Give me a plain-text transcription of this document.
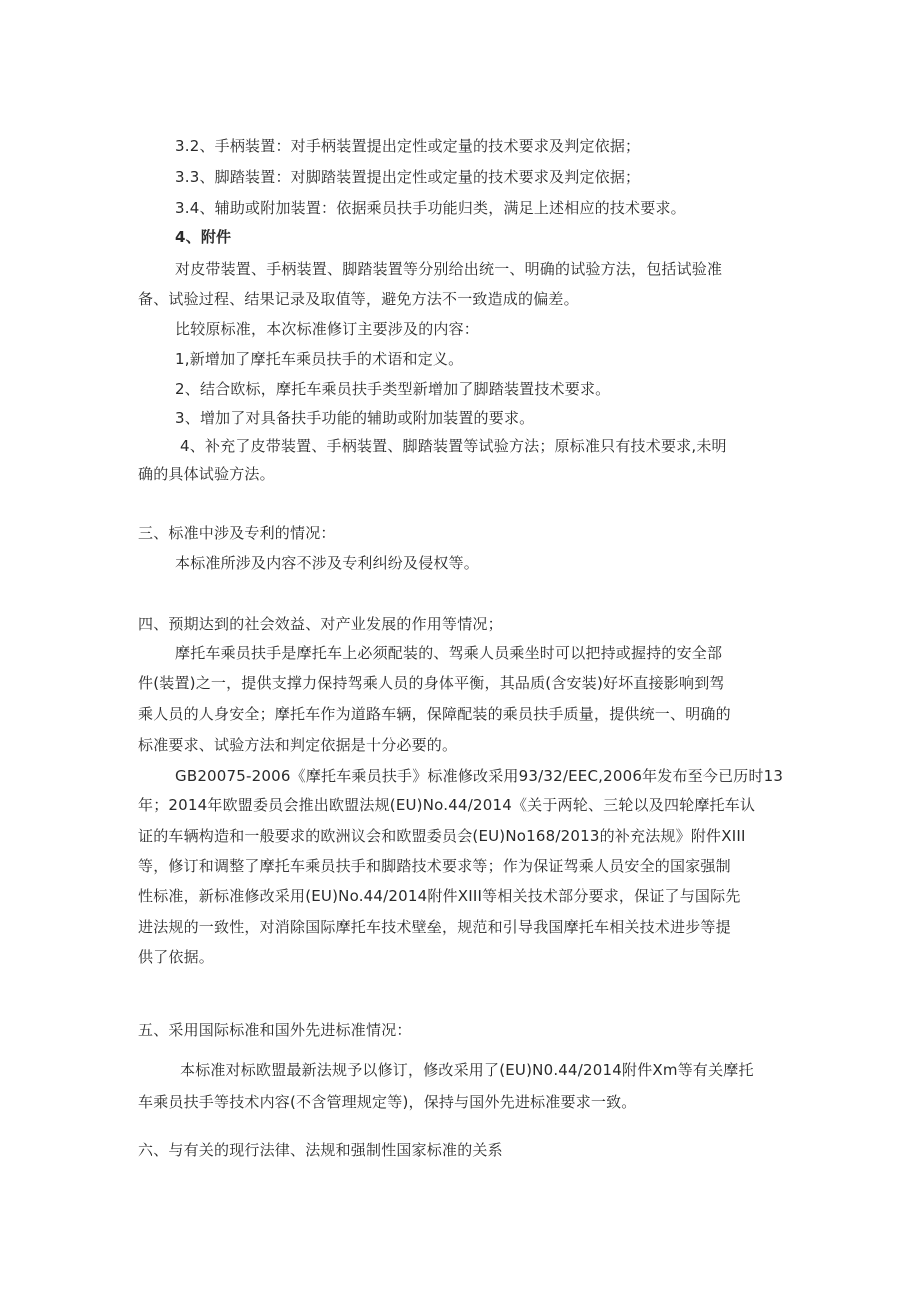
3.2、手柄装置：对手柄装置提出定性或定量的技术要求及判定依据；
3.3、脚踏装置：对脚踏装置提出定性或定量的技术要求及判定依据；
3.4、辅助或附加装置：依据乘员扶手功能归类，满足上述相应的技术要求。
4、附件
对皮带装置、手柄装置、脚踏装置等分别给出统一、明确的试验方法，包括试验准
备、试验过程、结果记录及取值等，避免方法不一致造成的偏差。
比较原标准，本次标准修订主要涉及的内容：
1,新增加了摩托车乘员扶手的术语和定义。
2、结合欧标，摩托车乘员扶手类型新增加了脚踏装置技术要求。
3、增加了对具备扶手功能的辅助或附加装置的要求。
4、补充了皮带装置、手柄装置、脚踏装置等试验方法；原标准只有技术要求,未明
确的具体试验方法。
三、标准中涉及专利的情况：
本标准所涉及内容不涉及专利纠纷及侵权等。
四、预期达到的社会效益、对产业发展的作用等情况；
摩托车乘员扶手是摩托车上必须配装的、驾乘人员乘坐时可以把持或握持的安全部
件(装置)之一，提供支撑力保持驾乘人员的身体平衡，其品质(含安装)好坏直接影响到驾
乘人员的人身安全；摩托车作为道路车辆，保障配装的乘员扶手质量，提供统一、明确的
标准要求、试验方法和判定依据是十分必要的。
GB20075-2006《摩托车乘员扶手》标准修改采用93/32/EEC,2006年发布至今已历时13
年；2014年欧盟委员会推出欧盟法规(EU)No.44/2014《关于两轮、三轮以及四轮摩托车认
证的车辆构造和一般要求的欧洲议会和欧盟委员会(EU)No168/2013的补充法规》附件XIII
等，修订和调整了摩托车乘员扶手和脚踏技术要求等；作为保证驾乘人员安全的国家强制
性标准，新标准修改采用(EU)No.44/2014附件XIII等相关技术部分要求，保证了与国际先
进法规的一致性，对消除国际摩托车技术壁垒，规范和引导我国摩托车相关技术进步等提
供了依据。
五、采用国际标准和国外先进标准情况：
本标准对标欧盟最新法规予以修订，修改采用了(EU)N0.44/2014附件Xm等有关摩托
车乘员扶手等技术内容(不含管理规定等)，保持与国外先进标准要求一致。
六、与有关的现行法律、法规和强制性国家标准的关系
